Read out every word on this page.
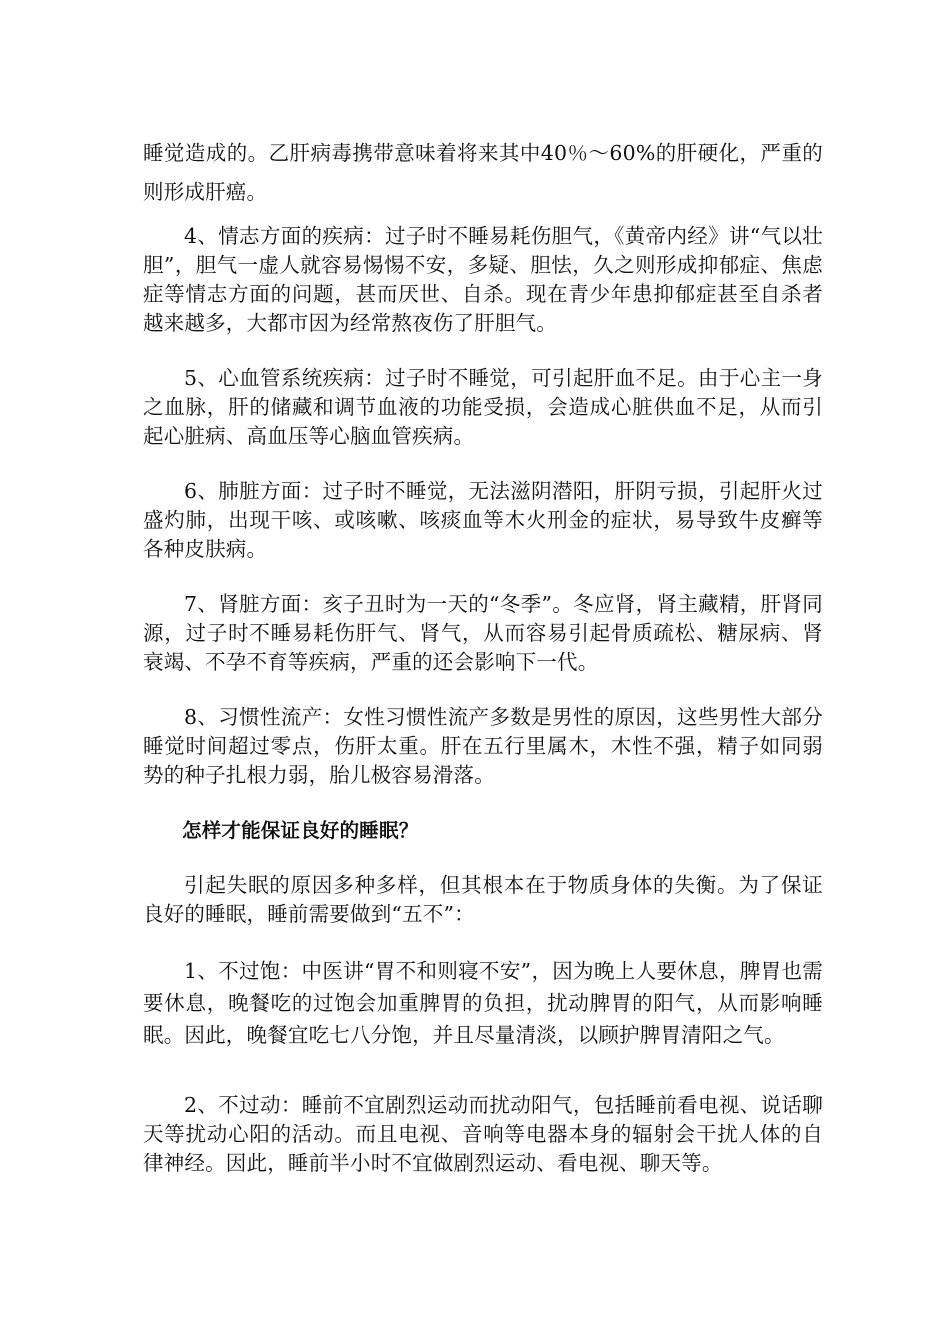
睡觉造成的。乙肝病毒携带意味着将来其中40％～60%的肝硬化，严重的则形成肝癌。

4、情志方面的疾病：过子时不睡易耗伤胆气，《黄帝内经》讲“气以壮胆”，胆气一虚人就容易惕惕不安，多疑、胆怯，久之则形成抑郁症、焦虑症等情志方面的问题，甚而厌世、自杀。现在青少年患抑郁症甚至自杀者越来越多，大都市因为经常熬夜伤了肝胆气。

5、心血管系统疾病：过子时不睡觉，可引起肝血不足。由于心主一身之血脉，肝的储藏和调节血液的功能受损，会造成心脏供血不足，从而引起心脏病、高血压等心脑血管疾病。

6、肺脏方面：过子时不睡觉，无法滋阴潜阳，肝阴亏损，引起肝火过盛灼肺，出现干咳、或咳嗽、咳痰血等木火刑金的症状，易导致牛皮癣等各种皮肤病。

7、肾脏方面：亥子丑时为一天的“冬季”。冬应肾，肾主藏精，肝肾同源，过子时不睡易耗伤肝气、肾气，从而容易引起骨质疏松、糖尿病、肾衰竭、不孕不育等疾病，严重的还会影响下一代。

8、习惯性流产：女性习惯性流产多数是男性的原因，这些男性大部分睡觉时间超过零点，伤肝太重。肝在五行里属木，木性不强，精子如同弱势的种子扎根力弱，胎儿极容易滑落。

怎样才能保证良好的睡眠？

引起失眠的原因多种多样，但其根本在于物质身体的失衡。为了保证良好的睡眠，睡前需要做到“五不”：

1、不过饱：中医讲“胃不和则寝不安”，因为晚上人要休息，脾胃也需要休息，晚餐吃的过饱会加重脾胃的负担，扰动脾胃的阳气，从而影响睡眠。因此，晚餐宜吃七八分饱，并且尽量清淡，以顾护脾胃清阳之气。

2、不过动：睡前不宜剧烈运动而扰动阳气，包括睡前看电视、说话聊天等扰动心阳的活动。而且电视、音响等电器本身的辐射会干扰人体的自律神经。因此，睡前半小时不宜做剧烈运动、看电视、聊天等。
